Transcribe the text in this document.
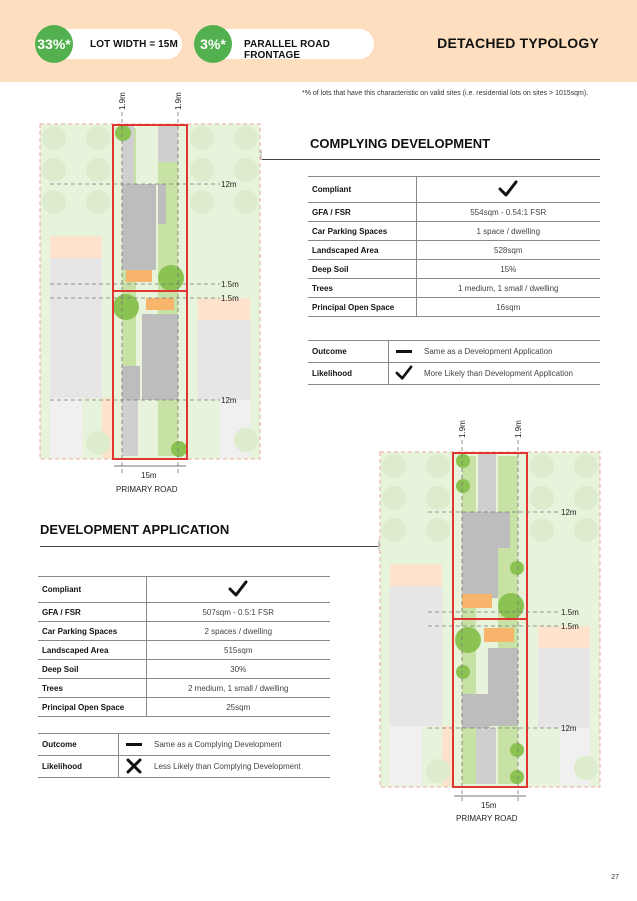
LOT WIDTH = 15M
33%*	PARALLEL ROAD FRONTAGE
3%*	DETACHED TYPOLOGY
*% of lots that have this characteristic on valid sites (i.e. residential lots on sites > 1015sqm).
1.9m	1.9m
12m
1.5m
1.5m
12m
15m
PRIMARY ROAD
COMPLYING DEVELOPMENT
Compliant	
GFA / FSR	554sqm - 0.54:1 FSR
Car Parking Spaces	1 space / dwelling
Landscaped Area	528sqm
Deep Soil	15%
Trees	1 medium, 1 small / dwelling
Principal Open Space	16sqm
Outcome		Same as a Development Application
Likelihood		More Likely than Development Application
DEVELOPMENT APPLICATION
Compliant	
GFA / FSR	507sqm - 0.5:1 FSR
Car Parking Spaces	2 spaces / dwelling
Landscaped Area	515sqm
Deep Soil	30%
Trees	2 medium, 1 small / dwelling
Principal Open Space	25sqm
Outcome		Same as a Complying Development
Likelihood		Less Likely than Complying Development
1.9m	1.9m
12m
1.5m
1.5m
12m
15m
PRIMARY ROAD
27
